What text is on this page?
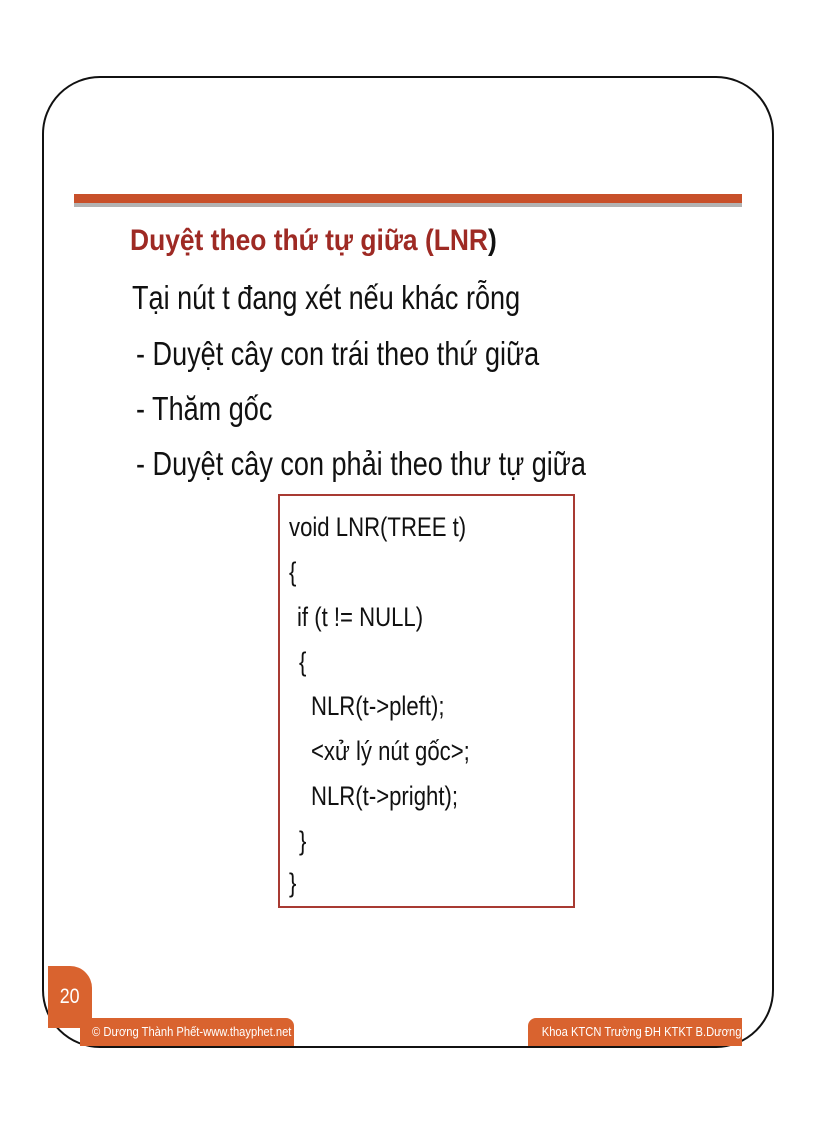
Duyệt theo thứ tự giữa (LNR)

Tại nút t đang xét nếu khác rỗng

- Duyệt cây con trái theo thứ giữa

- Thăm gốc

- Duyệt cây con phải theo thư tự giữa

void LNR(TREE t)

{

if (t != NULL)

{

NLR(t->pleft);

<xử lý nút gốc>;

NLR(t->pright);

}

}

20
© Dương Thành Phết-www.thayphet.net	Khoa KTCN Trường ĐH KTKT B.Dương
